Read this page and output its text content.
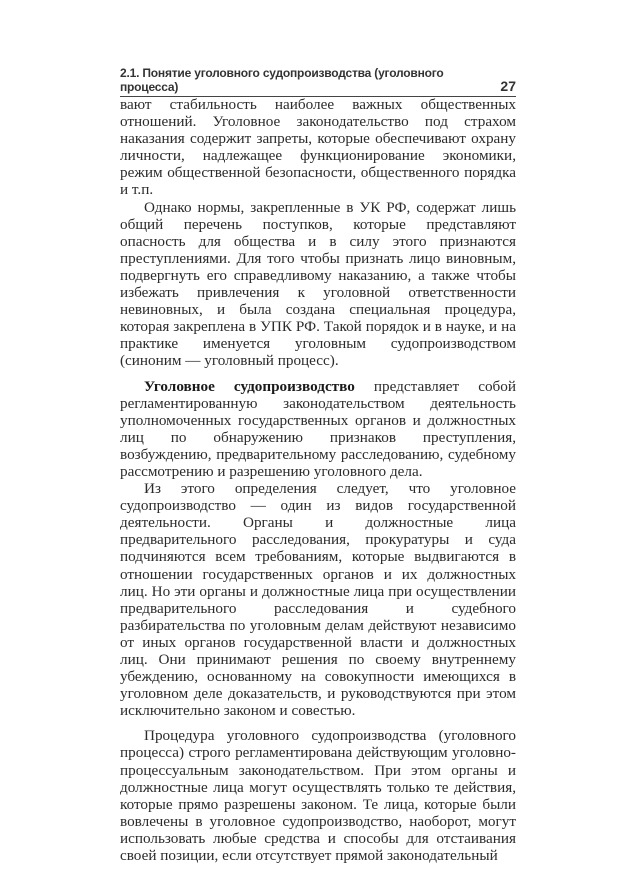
2.1. Понятие уголовного судопроизводства (уголовного процесса)	27

вают стабильность наиболее важных общественных отношений. Уголовное законодательство под страхом наказания содержит запреты, которые обеспечивают охрану личности, надлежащее функционирование экономики, режим общественной безопасности, общественного порядка и т.п.

Однако нормы, закрепленные в УК РФ, содержат лишь общий перечень поступков, которые представляют опасность для общества и в силу этого признаются преступлениями. Для того чтобы признать лицо виновным, подвергнуть его справедливому наказанию, а также чтобы избежать привлечения к уголовной ответственности невиновных, и была создана специальная процедура, которая закреплена в УПК РФ. Такой порядок и в науке, и на практике именуется уголовным судопроизводством (синоним — уголовный процесс).

Уголовное судопроизводство представляет собой регламентированную законодательством деятельность уполномоченных государственных органов и должностных лиц по обнаружению признаков преступления, возбуждению, предварительному расследованию, судебному рассмотрению и разрешению уголовного дела.

Из этого определения следует, что уголовное судопроизводство — один из видов государственной деятельности. Органы и должностные лица предварительного расследования, прокуратуры и суда подчиняются всем требованиям, которые выдвигаются в отношении государственных органов и их должностных лиц. Но эти органы и должностные лица при осуществлении предварительного расследования и судебного разбирательства по уголовным делам действуют независимо от иных органов государственной власти и должностных лиц. Они принимают решения по своему внутреннему убеждению, основанному на совокупности имеющихся в уголовном деле доказательств, и руководствуются при этом исключительно законом и совестью.

Процедура уголовного судопроизводства (уголовного процесса) строго регламентирована действующим уголовно-процессуальным законодательством. При этом органы и должностные лица могут осуществлять только те действия, которые прямо разрешены законом. Те лица, которые были вовлечены в уголовное судопроизводство, наоборот, могут использовать любые средства и способы для отстаивания своей позиции, если отсутствует прямой законодательный
